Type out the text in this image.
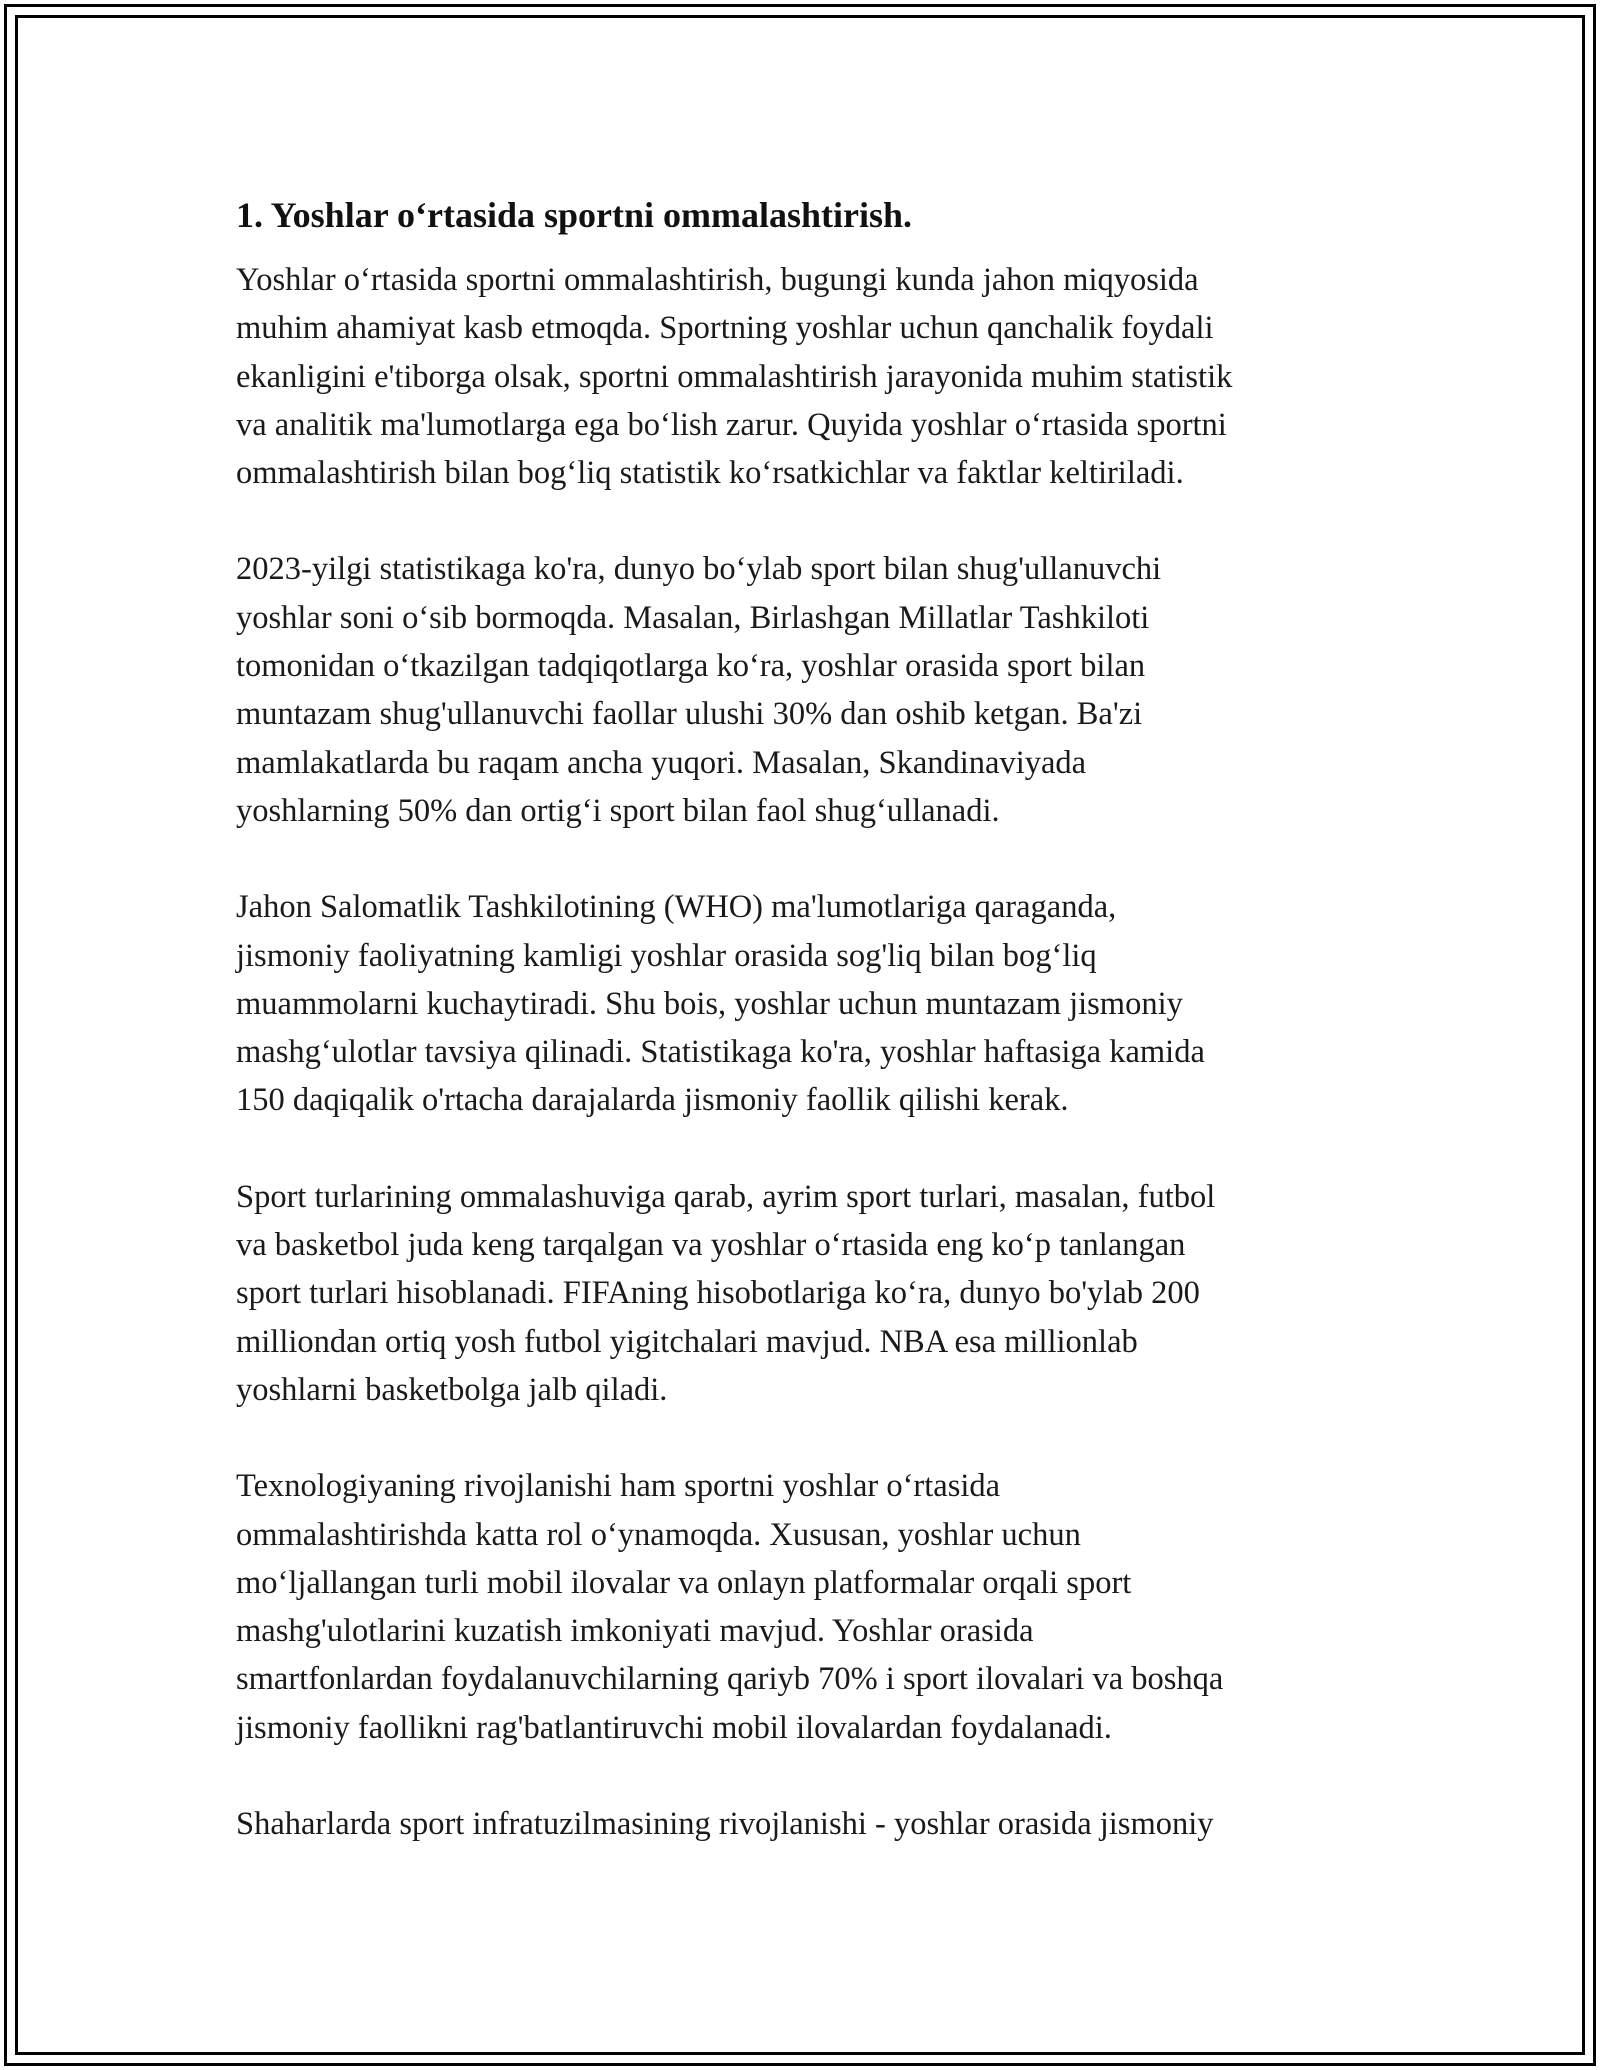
1. Yoshlar o‘rtasida sportni ommalashtirish.
Yoshlar o‘rtasida sportni ommalashtirish, bugungi kunda jahon miqyosida
muhim ahamiyat kasb etmoqda. Sportning yoshlar uchun qanchalik foydali
ekanligini e'tiborga olsak, sportni ommalashtirish jarayonida muhim statistik
va analitik ma'lumotlarga ega bo‘lish zarur. Quyida yoshlar o‘rtasida sportni
ommalashtirish bilan bog‘liq statistik ko‘rsatkichlar va faktlar keltiriladi.
2023-yilgi statistikaga ko'ra, dunyo bo‘ylab sport bilan shug'ullanuvchi
yoshlar soni o‘sib bormoqda. Masalan, Birlashgan Millatlar Tashkiloti
tomonidan o‘tkazilgan tadqiqotlarga ko‘ra, yoshlar orasida sport bilan
muntazam shug'ullanuvchi faollar ulushi 30% dan oshib ketgan. Ba'zi
mamlakatlarda bu raqam ancha yuqori. Masalan, Skandinaviyada
yoshlarning 50% dan ortig‘i sport bilan faol shug‘ullanadi.
Jahon Salomatlik Tashkilotining (WHO) ma'lumotlariga qaraganda,
jismoniy faoliyatning kamligi yoshlar orasida sog'liq bilan bog‘liq
muammolarni kuchaytiradi. Shu bois, yoshlar uchun muntazam jismoniy
mashg‘ulotlar tavsiya qilinadi. Statistikaga ko'ra, yoshlar haftasiga kamida
150 daqiqalik o'rtacha darajalarda jismoniy faollik qilishi kerak.
Sport turlarining ommalashuviga qarab, ayrim sport turlari, masalan, futbol
va basketbol juda keng tarqalgan va yoshlar o‘rtasida eng ko‘p tanlangan
sport turlari hisoblanadi. FIFAning hisobotlariga ko‘ra, dunyo bo'ylab 200
milliondan ortiq yosh futbol yigitchalari mavjud. NBA esa millionlab
yoshlarni basketbolga jalb qiladi.
Texnologiyaning rivojlanishi ham sportni yoshlar o‘rtasida
ommalashtirishda katta rol o‘ynamoqda. Xususan, yoshlar uchun
mo‘ljallangan turli mobil ilovalar va onlayn platformalar orqali sport
mashg'ulotlarini kuzatish imkoniyati mavjud. Yoshlar orasida
smartfonlardan foydalanuvchilarning qariyb 70% i sport ilovalari va boshqa
jismoniy faollikni rag'batlantiruvchi mobil ilovalardan foydalanadi.
Shaharlarda sport infratuzilmasining rivojlanishi - yoshlar orasida jismoniy
